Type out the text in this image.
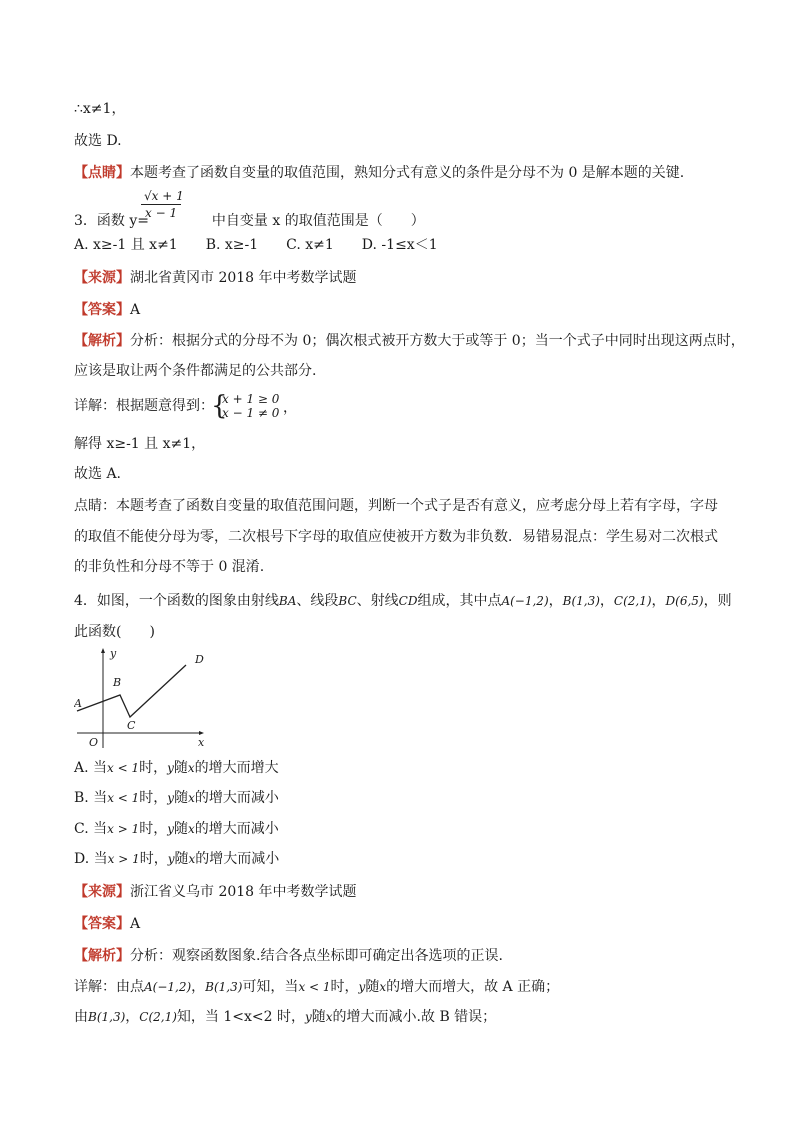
∴x≠1，
故选 D.
【点睛】本题考查了函数自变量的取值范围，熟知分式有意义的条件是分母不为 0 是解本题的关键.
3．函数 y=	中自变量 x 的取值范围是（　　）
√x + 1
x − 1
A. x≥-1 且 x≠1　　B. x≥-1　　C. x≠1　　D. -1≤x＜1
【来源】湖北省黄冈市 2018 年中考数学试题
【答案】A
【解析】分析：根据分式的分母不为 0；偶次根式被开方数大于或等于 0；当一个式子中同时出现这两点时，
应该是取让两个条件都满足的公共部分.
详解：根据题意得到：
{
x + 1 ≥ 0
x − 1 ≠ 0 ，
解得 x≥-1 且 x≠1，
故选 A.
点睛：本题考查了函数自变量的取值范围问题，判断一个式子是否有意义，应考虑分母上若有字母，字母
的取值不能使分母为零，二次根号下字母的取值应使被开方数为非负数．易错易混点：学生易对二次根式
的非负性和分母不等于 0 混淆.
4．如图，一个函数的图象由射线BA、线段BC、射线CD组成，其中点A(−1,2)，B(1,3)，C(2,1)，D(6,5)，则
此函数(　　)
y
x
O
A
B
C
D
A. 当x < 1时，y随x的增大而增大
B. 当x < 1时，y随x的增大而减小
C. 当x > 1时，y随x的增大而减小
D. 当x > 1时，y随x的增大而减小
【来源】浙江省义乌市 2018 年中考数学试题
【答案】A
【解析】分析：观察函数图象.结合各点坐标即可确定出各选项的正误.
详解：由点A(−1,2)，B(1,3)可知，当x < 1时，y随x的增大而增大，故 A 正确；
由B(1,3)，C(2,1)知，当 1<x<2 时，y随x的增大而减小.故 B 错误；
